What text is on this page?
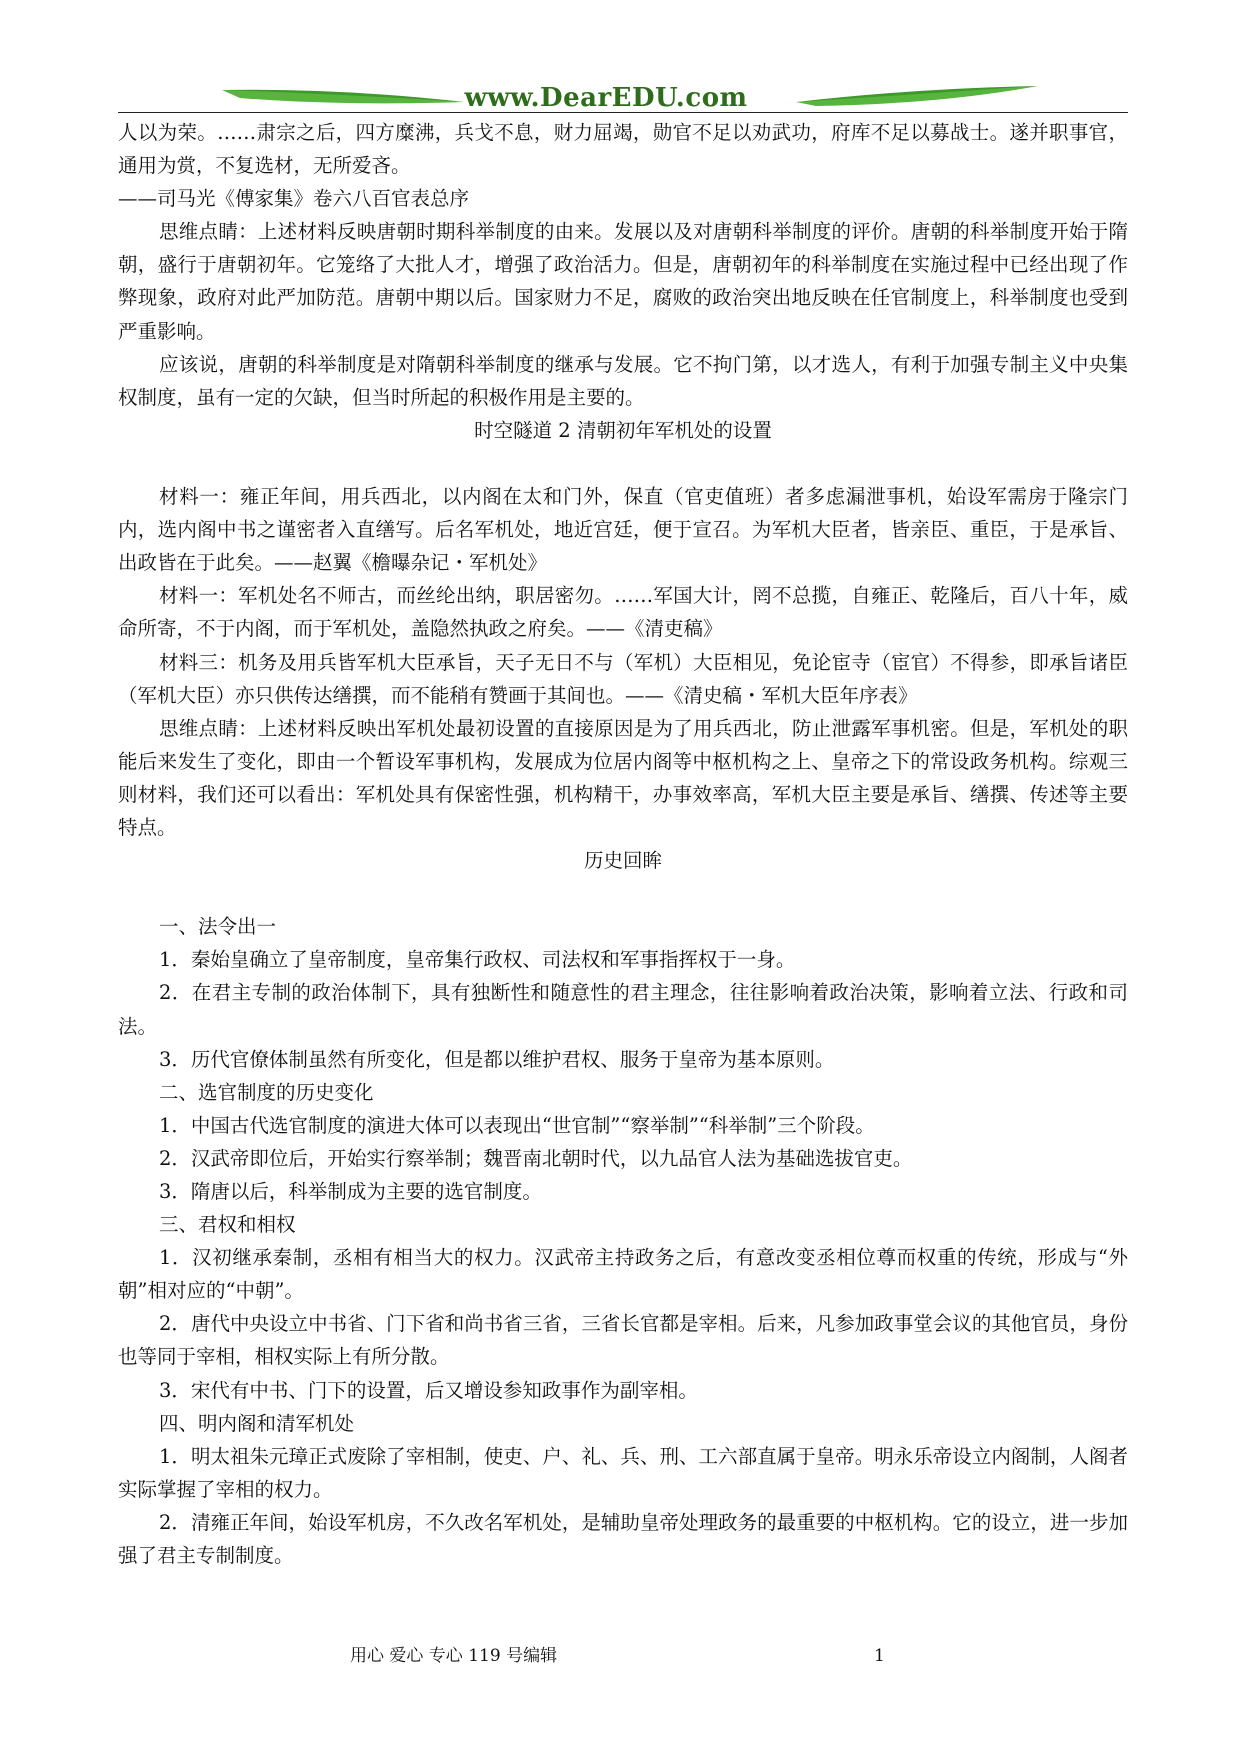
www.DearEDU.com

人以为荣。……肃宗之后，四方糜沸，兵戈不息，财力屈竭，勋官不足以劝武功，府库不足以募战士。遂并职事官，通用为赏，不复选材，无所爱吝。

——司马光《傅家集》卷六八百官表总序

思维点睛：上述材料反映唐朝时期科举制度的由来。发展以及对唐朝科举制度的评价。唐朝的科举制度开始于隋朝，盛行于唐朝初年。它笼络了大批人才，增强了政治活力。但是，唐朝初年的科举制度在实施过程中已经出现了作弊现象，政府对此严加防范。唐朝中期以后。国家财力不足，腐败的政治突出地反映在任官制度上，科举制度也受到严重影响。

应该说，唐朝的科举制度是对隋朝科举制度的继承与发展。它不拘门第，以才选人，有利于加强专制主义中央集权制度，虽有一定的欠缺，但当时所起的积极作用是主要的。

时空隧道 2 清朝初年军机处的设置

材料一：雍正年间，用兵西北，以内阁在太和门外，保直（官吏值班）者多虑漏泄事机，始设军需房于隆宗门内，选内阁中书之谨密者入直缮写。后名军机处，地近宫廷，便于宣召。为军机大臣者，皆亲臣、重臣，于是承旨、出政皆在于此矣。——赵翼《檐曝杂记・军机处》

材料一：军机处名不师古，而丝纶出纳，职居密勿。……军国大计，罔不总揽，自雍正、乾隆后，百八十年，威命所寄，不于内阁，而于军机处，盖隐然执政之府矣。——《清吏稿》

材料三：机务及用兵皆军机大臣承旨，天子无日不与（军机）大臣相见，免论宦寺（宦官）不得参，即承旨诸臣（军机大臣）亦只供传达缮撰，而不能稍有赞画于其间也。——《清史稿・军机大臣年序表》

思维点睛：上述材料反映出军机处最初设置的直接原因是为了用兵西北，防止泄露军事机密。但是，军机处的职能后来发生了变化，即由一个暂设军事机构，发展成为位居内阁等中枢机构之上、皇帝之下的常设政务机构。综观三则材料，我们还可以看出：军机处具有保密性强，机构精干，办事效率高，军机大臣主要是承旨、缮撰、传述等主要特点。

历史回眸

一、法令出一

1．秦始皇确立了皇帝制度，皇帝集行政权、司法权和军事指挥权于一身。

2．在君主专制的政治体制下，具有独断性和随意性的君主理念，往往影响着政治决策，影响着立法、行政和司法。

3．历代官僚体制虽然有所变化，但是都以维护君权、服务于皇帝为基本原则。

二、选官制度的历史变化

1．中国古代选官制度的演进大体可以表现出“世官制”“察举制”“科举制”三个阶段。

2．汉武帝即位后，开始实行察举制；魏晋南北朝时代，以九品官人法为基础选拔官吏。

3．隋唐以后，科举制成为主要的选官制度。

三、君权和相权

1．汉初继承秦制，丞相有相当大的权力。汉武帝主持政务之后，有意改变丞相位尊而权重的传统，形成与“外朝”相对应的“中朝”。

2．唐代中央设立中书省、门下省和尚书省三省，三省长官都是宰相。后来，凡参加政事堂会议的其他官员，身份也等同于宰相，相权实际上有所分散。

3．宋代有中书、门下的设置，后又增设参知政事作为副宰相。

四、明内阁和清军机处

1．明太祖朱元璋正式废除了宰相制，使吏、户、礼、兵、刑、工六部直属于皇帝。明永乐帝设立内阁制，人阁者实际掌握了宰相的权力。

2．清雍正年间，始设军机房，不久改名军机处，是辅助皇帝处理政务的最重要的中枢机构。它的设立，进一步加强了君主专制制度。

用心 爱心 专心 119 号编辑	1
